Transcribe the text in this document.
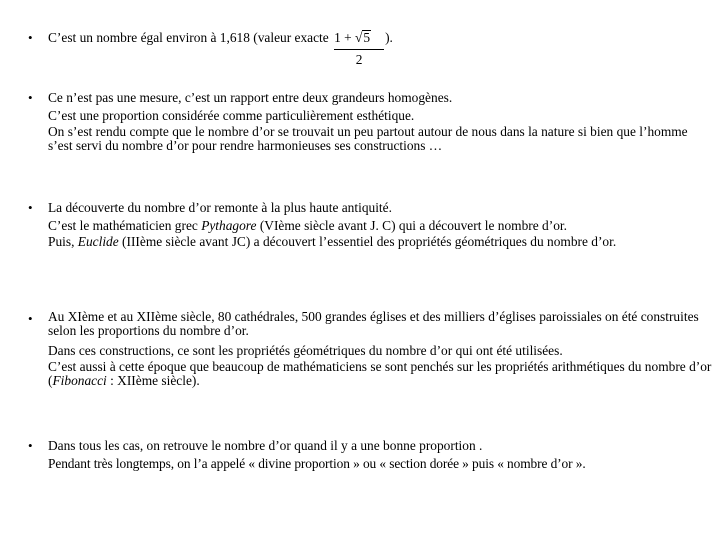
• C’est un nombre égal environ à 1,618 (valeur exacte $\frac{1 + √5}{2}$ ).
• Ce n’est pas une mesure, c’est un rapport entre deux grandeurs homogènes.
C’est une proportion considérée comme particulièrement esthétique.
On s’est rendu compte que le nombre d’or se trouvait un peu partout autour de nous dans la nature si bien que l’homme s’est servi du nombre d’or pour rendre harmonieuses ses constructions …
• La découverte du nombre d’or remonte à la plus haute antiquité.
C’est le mathématicien grec Pythagore (VIème siècle avant J. C) qui a découvert le nombre d’or.
Puis, Euclide (IIIème siècle avant JC) a découvert l’essentiel des propriétés géométriques du nombre d’or.
• Au XIème et au XIIème siècle, 80 cathédrales, 500 grandes églises et des milliers d’églises paroissiales on été construites selon les proportions du nombre d’or.
Dans ces constructions, ce sont les propriétés géométriques du nombre d’or qui ont été utilisées.
C’est aussi à cette époque que beaucoup de mathématiciens se sont penchés sur les propriétés arithmétiques du nombre d’or (Fibonacci : XIIème siècle).
• Dans tous les cas, on retrouve le nombre d’or quand il y a une bonne proportion .
Pendant très longtemps, on l’a appelé « divine proportion » ou « section dorée » puis « nombre d’or ».
